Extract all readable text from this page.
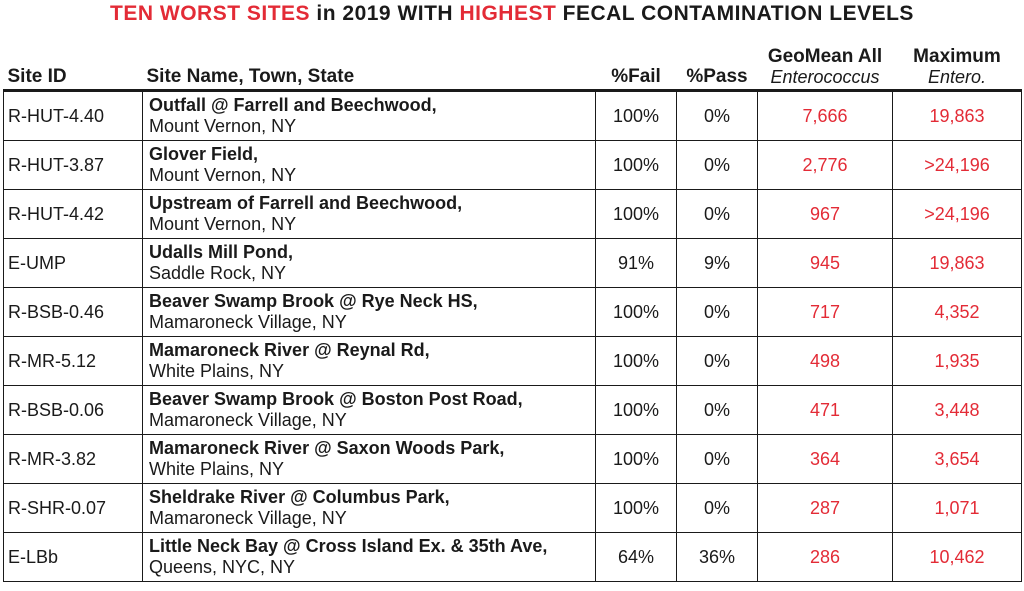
TEN WORST SITES in 2019 WITH HIGHEST FECAL CONTAMINATION LEVELS
Site ID	Site Name, Town, State	%Fail	%Pass	GeoMean All
Enterococcus	Maximum
Entero.

R-HUT-4.40	Outfall @ Farrell and Beechwood,
Mount Vernon, NY	100%	0%	7,666	19,863
R-HUT-3.87	Glover Field,
Mount Vernon, NY	100%	0%	2,776	>24,196
R-HUT-4.42	Upstream of Farrell and Beechwood,
Mount Vernon, NY	100%	0%	967	>24,196
E-UMP	Udalls Mill Pond,
Saddle Rock, NY	91%	9%	945	19,863
R-BSB-0.46	Beaver Swamp Brook @ Rye Neck HS,
Mamaroneck Village, NY	100%	0%	717	4,352
R-MR-5.12	Mamaroneck River @ Reynal Rd,
White Plains, NY	100%	0%	498	1,935
R-BSB-0.06	Beaver Swamp Brook @ Boston Post Road,
Mamaroneck Village, NY	100%	0%	471	3,448
R-MR-3.82	Mamaroneck River @ Saxon Woods Park,
White Plains, NY	100%	0%	364	3,654
R-SHR-0.07	Sheldrake River @ Columbus Park,
Mamaroneck Village, NY	100%	0%	287	1,071
E-LBb	Little Neck Bay @ Cross Island Ex. & 35th Ave,
Queens, NYC, NY	64%	36%	286	10,462
